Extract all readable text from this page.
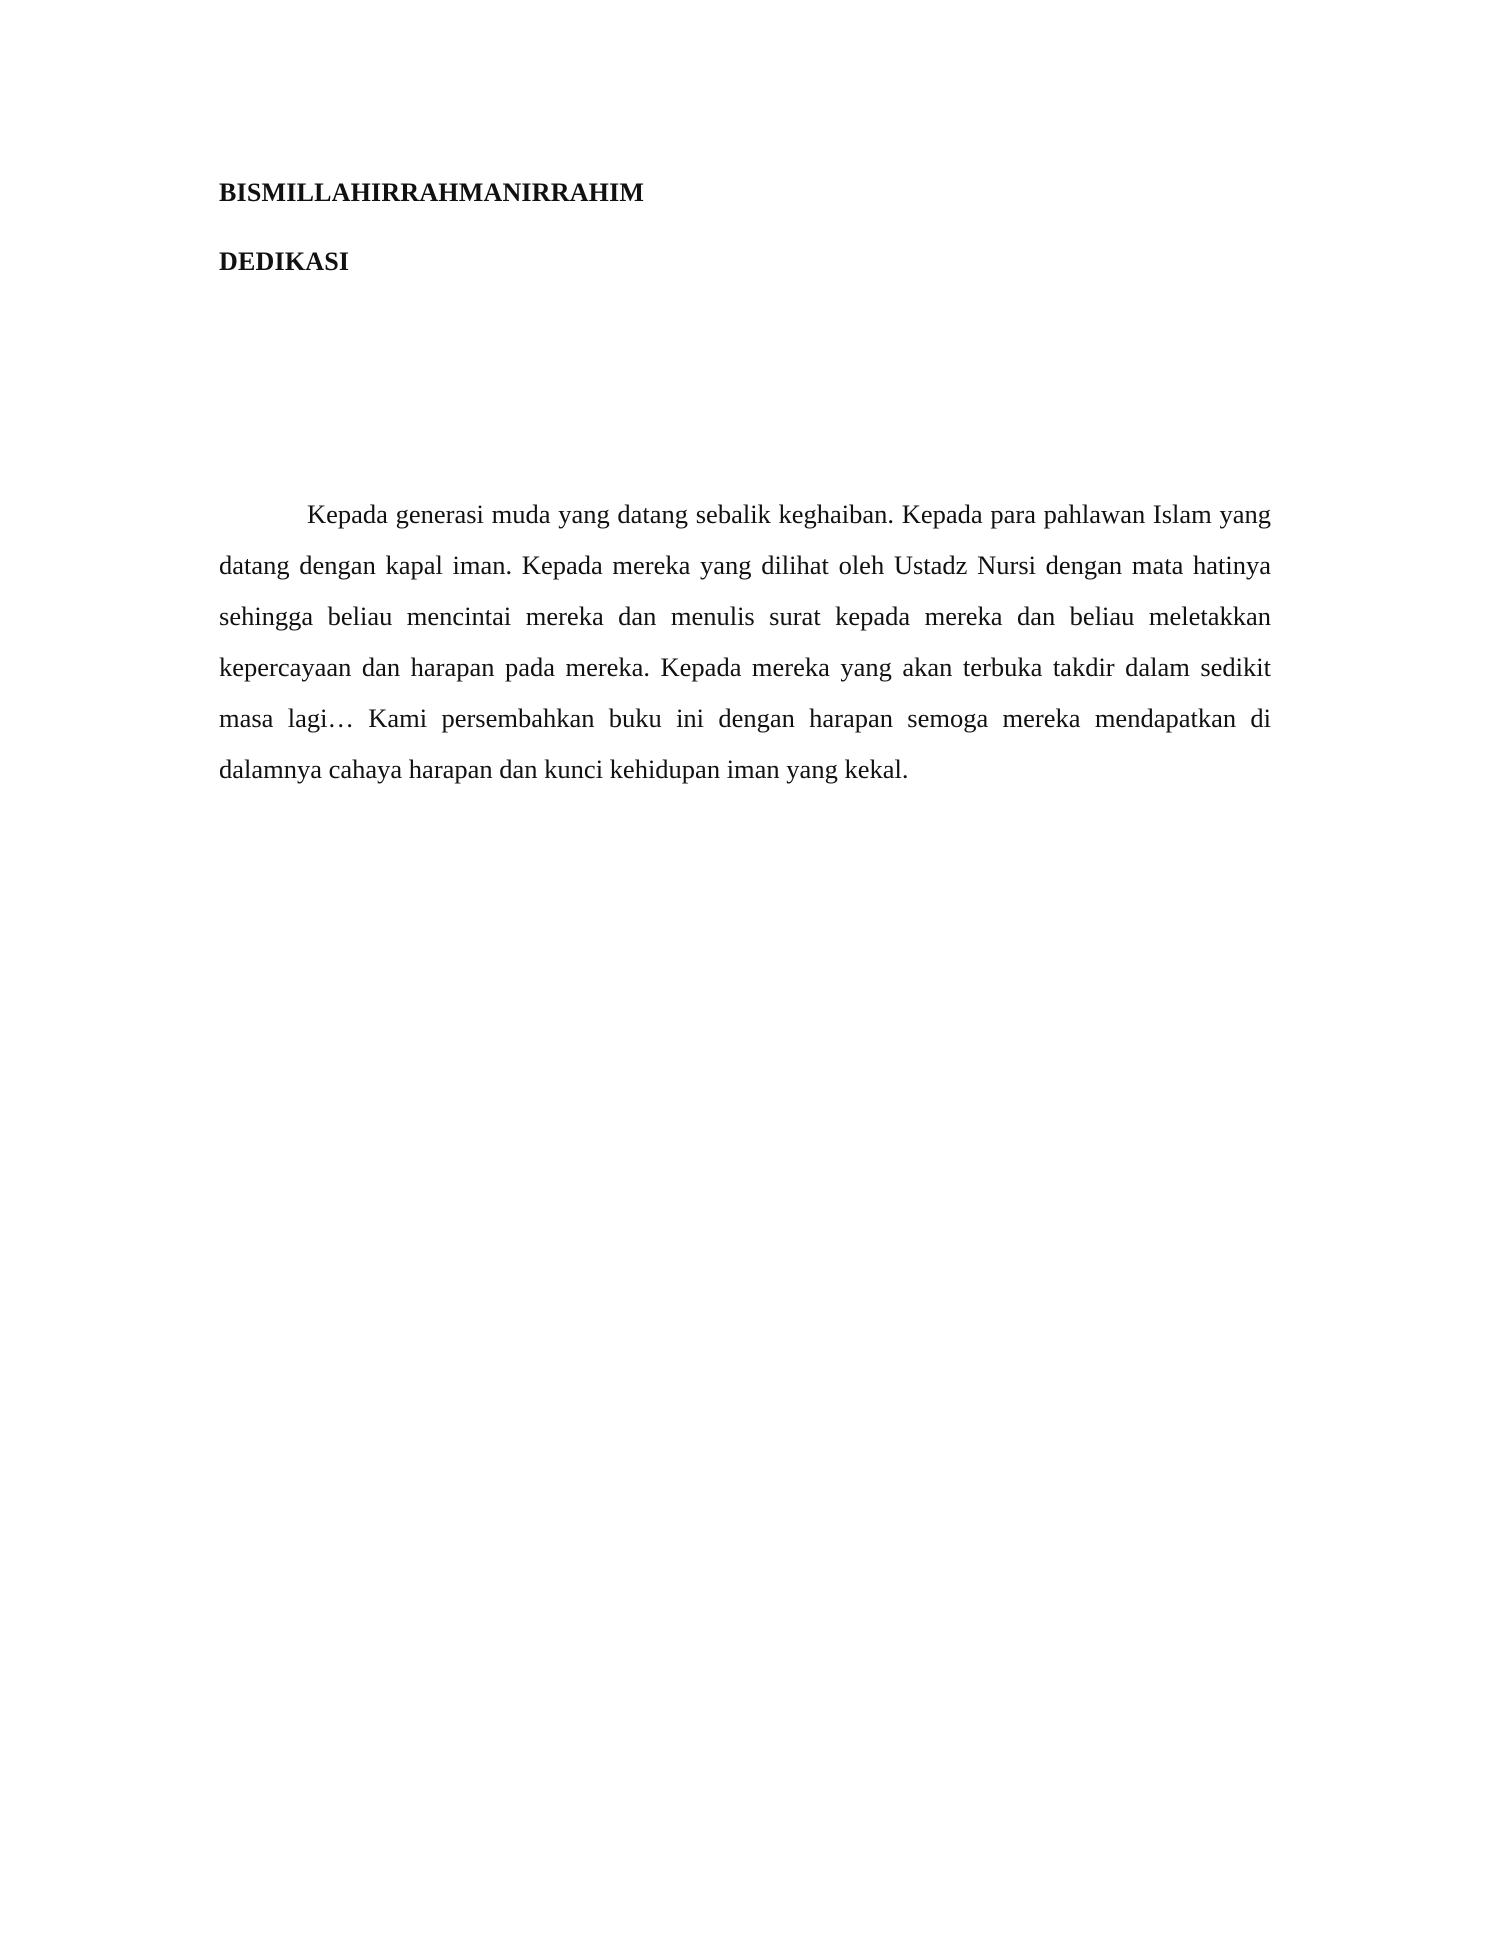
BISMILLAHIRRAHMANIRRAHIM
DEDIKASI

Kepada generasi muda yang datang sebalik keghaiban. Kepada para pahlawan Islam yang datang dengan kapal iman. Kepada mereka yang dilihat oleh Ustadz Nursi dengan mata hatinya sehingga beliau mencintai mereka dan menulis surat kepada mereka dan beliau meletakkan kepercayaan dan harapan pada mereka. Kepada mereka yang akan terbuka takdir dalam sedikit masa lagi… Kami persembahkan buku ini dengan harapan semoga mereka mendapatkan di dalamnya cahaya harapan dan kunci kehidupan iman yang kekal.
